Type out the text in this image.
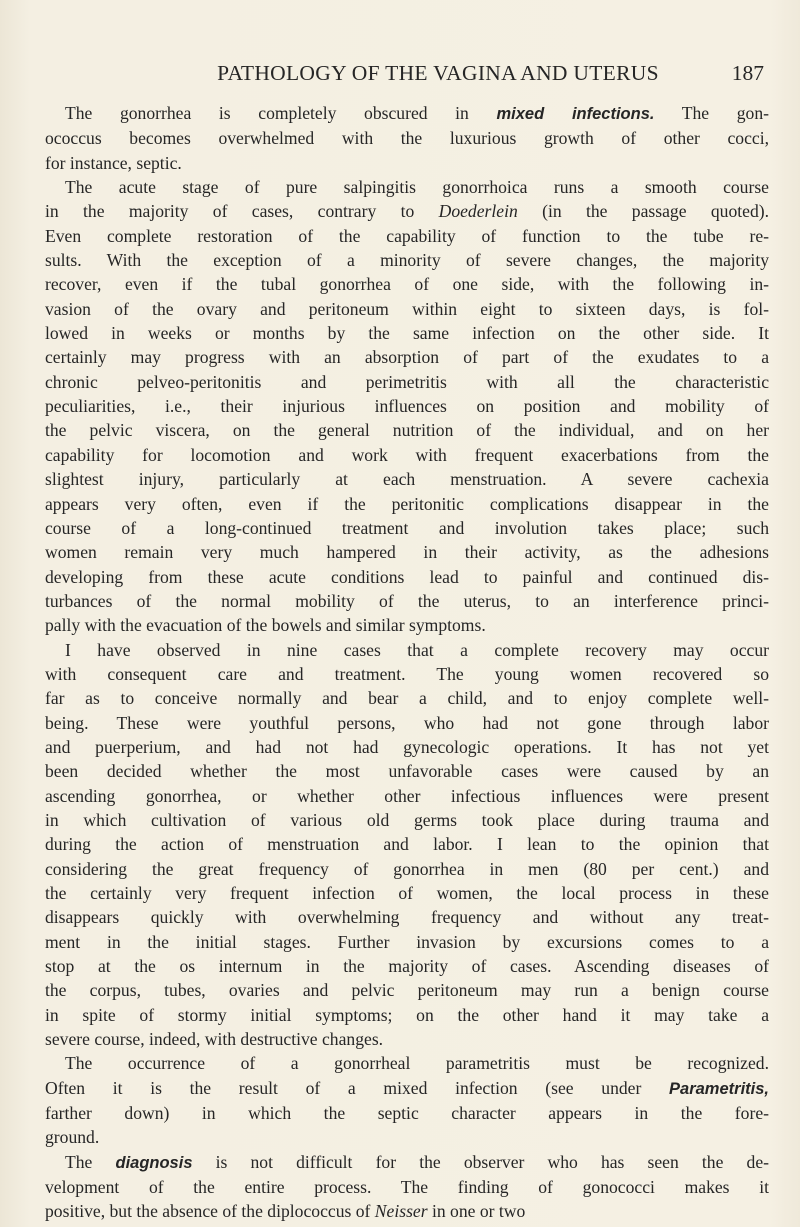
PATHOLOGY OF THE VAGINA AND UTERUS	187
The gonorrhea is completely obscured in mixed infections. The gon-
ococcus becomes overwhelmed with the luxurious growth of other cocci,
for instance, septic.
The acute stage of pure salpingitis gonorrhoica runs a smooth course
in the majority of cases, contrary to Doederlein (in the passage quoted).
Even complete restoration of the capability of function to the tube re-
sults. With the exception of a minority of severe changes, the majority
recover, even if the tubal gonorrhea of one side, with the following in-
vasion of the ovary and peritoneum within eight to sixteen days, is fol-
lowed in weeks or months by the same infection on the other side. It
certainly may progress with an absorption of part of the exudates to a
chronic pelveo-peritonitis and perimetritis with all the characteristic
peculiarities, i.e., their injurious influences on position and mobility of
the pelvic viscera, on the general nutrition of the individual, and on her
capability for locomotion and work with frequent exacerbations from the
slightest injury, particularly at each menstruation. A severe cachexia
appears very often, even if the peritonitic complications disappear in the
course of a long-continued treatment and involution takes place; such
women remain very much hampered in their activity, as the adhesions
developing from these acute conditions lead to painful and continued dis-
turbances of the normal mobility of the uterus, to an interference princi-
pally with the evacuation of the bowels and similar symptoms.
I have observed in nine cases that a complete recovery may occur
with consequent care and treatment. The young women recovered so
far as to conceive normally and bear a child, and to enjoy complete well-
being. These were youthful persons, who had not gone through labor
and puerperium, and had not had gynecologic operations. It has not yet
been decided whether the most unfavorable cases were caused by an
ascending gonorrhea, or whether other infectious influences were present
in which cultivation of various old germs took place during trauma and
during the action of menstruation and labor. I lean to the opinion that
considering the great frequency of gonorrhea in men (80 per cent.) and
the certainly very frequent infection of women, the local process in these
disappears quickly with overwhelming frequency and without any treat-
ment in the initial stages. Further invasion by excursions comes to a
stop at the os internum in the majority of cases. Ascending diseases of
the corpus, tubes, ovaries and pelvic peritoneum may run a benign course
in spite of stormy initial symptoms; on the other hand it may take a
severe course, indeed, with destructive changes.
The occurrence of a gonorrheal parametritis must be recognized.
Often it is the result of a mixed infection (see under Parametritis,
farther down) in which the septic character appears in the fore-
ground.
The diagnosis is not difficult for the observer who has seen the de-
velopment of the entire process. The finding of gonococci makes it
positive, but the absence of the diplococcus of Neisser in one or two
